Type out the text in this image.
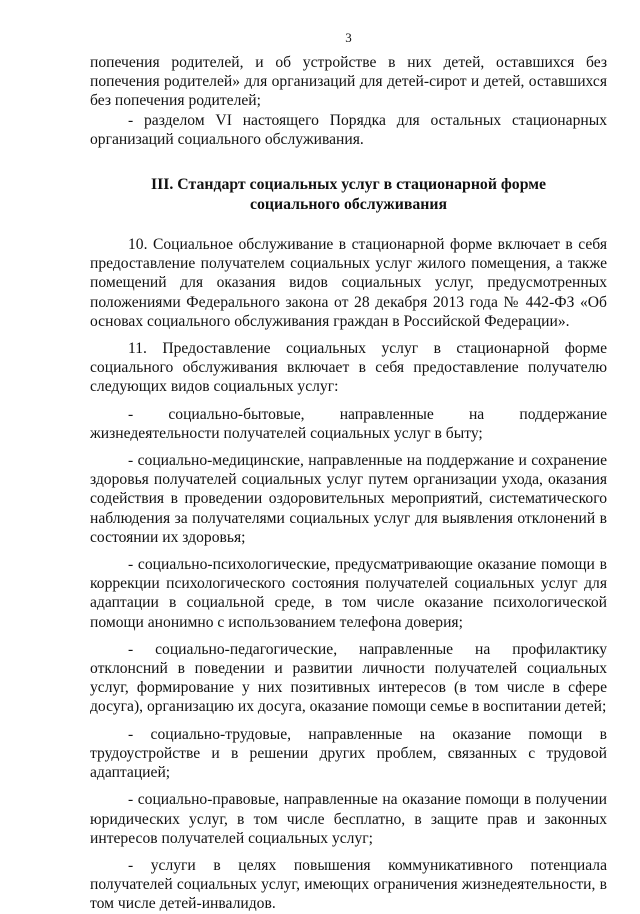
3

попечения родителей, и об устройстве в них детей, оставшихся без попечения родителей» для организаций для детей-сирот и детей, оставшихся без попечения родителей;

- разделом VI настоящего Порядка для остальных стационарных организаций социального обслуживания.

III. Стандарт социальных услуг в стационарной форме
социального обслуживания

10. Социальное обслуживание в стационарной форме включает в себя предоставление получателем социальных услуг жилого помещения, а также помещений для оказания видов социальных услуг, предусмотренных положениями Федерального закона от 28 декабря 2013 года № 442-ФЗ «Об основах социального обслуживания граждан в Российской Федерации».

11. Предоставление социальных услуг в стационарной форме социального обслуживания включает в себя предоставление получателю следующих видов социальных услуг:

- социально-бытовые, направленные на поддержание жизнедеятельности получателей социальных услуг в быту;

- социально-медицинские, направленные на поддержание и сохранение здоровья получателей социальных услуг путем организации ухода, оказания содействия в проведении оздоровительных мероприятий, систематического наблюдения за получателями социальных услуг для выявления отклонений в состоянии их здоровья;

- социально-психологические, предусматривающие оказание помощи в коррекции психологического состояния получателей социальных услуг для адаптации в социальной среде, в том числе оказание психологической помощи анонимно с использованием телефона доверия;

- социально-педагогические, направленные на профилактику отклонсний в поведении и развитии личности получателей социальных услуг, формирование у них позитивных интересов (в том числе в сфере досуга), организацию их досуга, оказание помощи семье в воспитании детей;

- социально-трудовые, направленные на оказание помощи в трудоустройстве и в решении других проблем, связанных с трудовой адаптацией;

- социально-правовые, направленные на оказание помощи в получении юридических услуг, в том числе бесплатно, в защите прав и законных интересов получателей социальных услуг;

- услуги в целях повышения коммуникативного потенциала получателей социальных услуг, имеющих ограничения жизнедеятельности, в том числе детей-инвалидов.
